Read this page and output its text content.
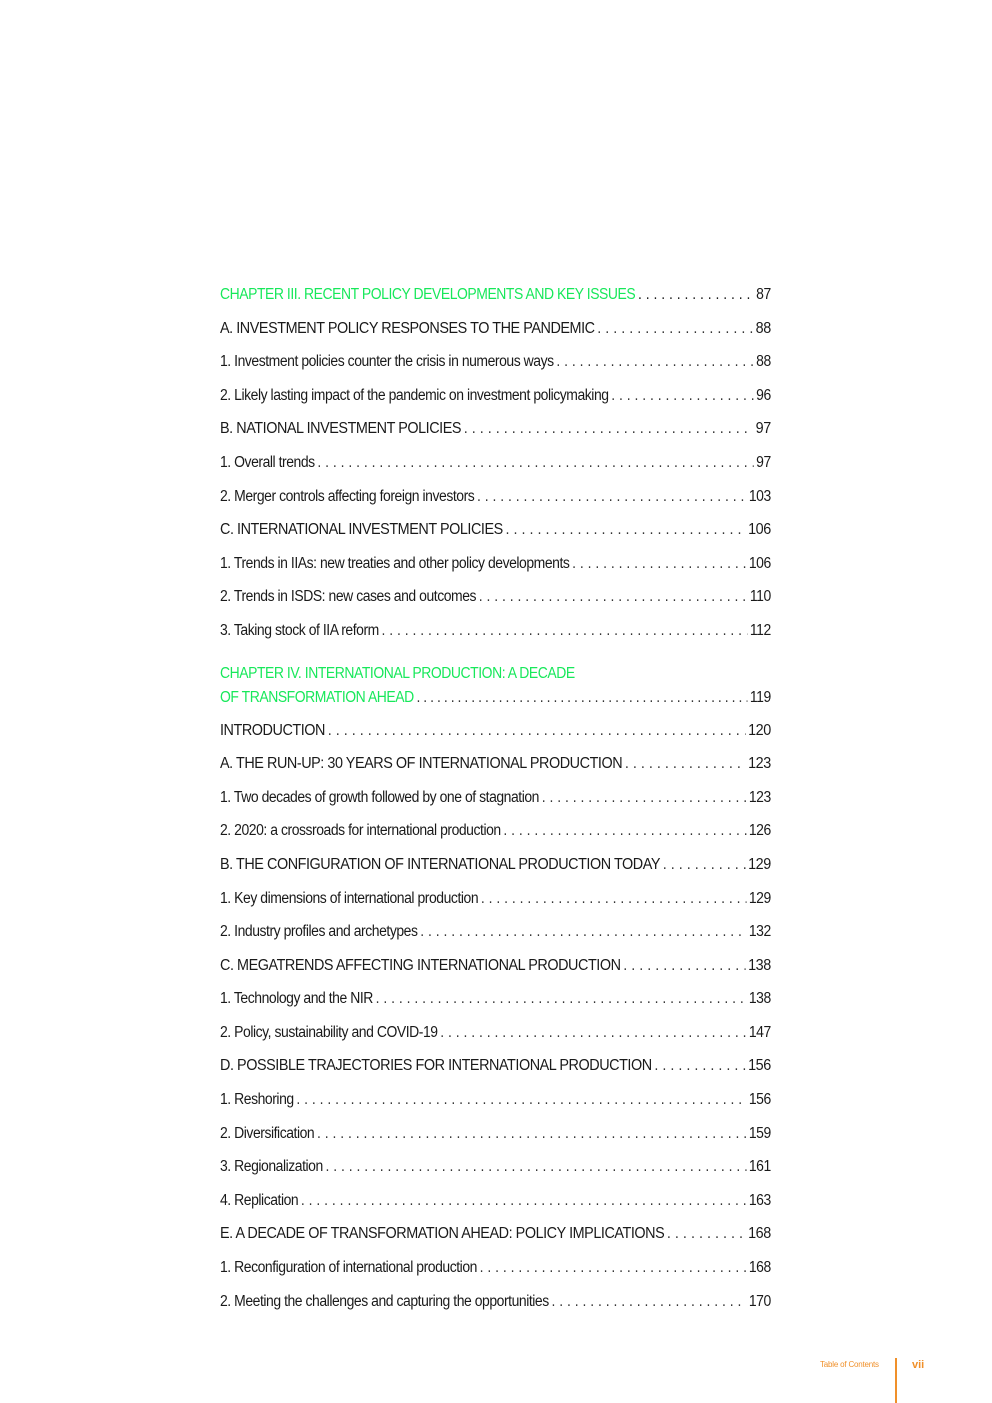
CHAPTER III. RECENT POLICY DEVELOPMENTS AND KEY ISSUES . . .	87
A. INVESTMENT POLICY RESPONSES TO THE PANDEMIC . . .	88
1. Investment policies counter the crisis in numerous ways . . .	88
2. Likely lasting impact of the pandemic on investment policymaking . . .	96
B. NATIONAL INVESTMENT POLICIES . . .	97
1. Overall trends . . .	97
2. Merger controls affecting foreign investors . . .	103
C. INTERNATIONAL INVESTMENT POLICIES . . .	106
1. Trends in IIAs: new treaties and other policy developments . . .	106
2. Trends in ISDS: new cases and outcomes . . .	110
3. Taking stock of IIA reform . . .	112
CHAPTER IV. INTERNATIONAL PRODUCTION: A DECADE
OF TRANSFORMATION AHEAD . . .	119
INTRODUCTION . . .	120
A. THE RUN-UP: 30 YEARS OF INTERNATIONAL PRODUCTION . . .	123
1. Two decades of growth followed by one of stagnation . . .	123
2. 2020: a crossroads for international production . . .	126
B. THE CONFIGURATION OF INTERNATIONAL PRODUCTION TODAY . . .	129
1. Key dimensions of international production . . .	129
2. Industry profiles and archetypes . . .	132
C. MEGATRENDS AFFECTING INTERNATIONAL PRODUCTION . . .	138
1. Technology and the NIR . . .	138
2. Policy, sustainability and COVID-19 . . .	147
D. POSSIBLE TRAJECTORIES FOR INTERNATIONAL PRODUCTION . . .	156
1. Reshoring . . .	156
2. Diversification . . .	159
3. Regionalization . . .	161
4. Replication . . .	163
E. A DECADE OF TRANSFORMATION AHEAD: POLICY IMPLICATIONS . . .	168
1. Reconfiguration of international production . . .	168
2. Meeting the challenges and capturing the opportunities . . .	170
Table of Contents	vii
